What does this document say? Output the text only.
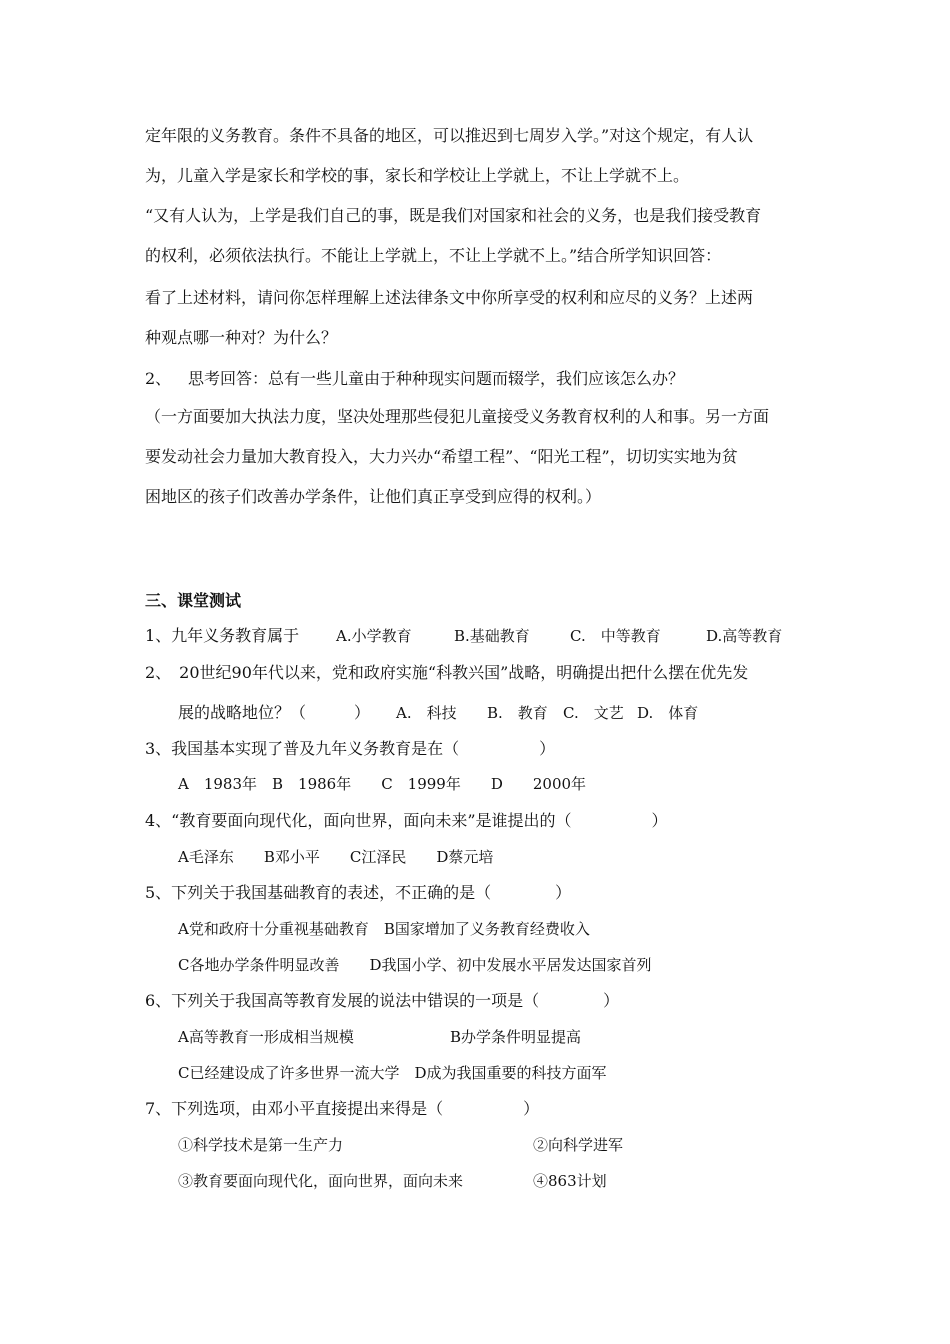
定年限的义务教育。条件不具备的地区，可以推迟到七周岁入学。”对这个规定，有人认
为，儿童入学是家长和学校的事，家长和学校让上学就上，不让上学就不上。
“又有人认为，上学是我们自己的事，既是我们对国家和社会的义务，也是我们接受教育
的权利，必须依法执行。不能让上学就上，不让上学就不上。”结合所学知识回答：
看了上述材料，请问你怎样理解上述法律条文中你所享受的权利和应尽的义务？上述两
种观点哪一种对？为什么？
2、 思考回答：总有一些儿童由于种种现实问题而辍学，我们应该怎么办？
（一方面要加大执法力度，坚决处理那些侵犯儿童接受义务教育权利的人和事。另一方面
要发动社会力量加大教育投入，大力兴办“希望工程”、“阳光工程”，切切实实地为贫
困地区的孩子们改善办学条件，让他们真正享受到应得的权利。）
三、课堂测试
1、九年义务教育属于 A.小学教育	B.基础教育	C.　中等教育	D.高等教育
2、　20世纪90年代以来，党和政府实施“科教兴国”战略，明确提出把什么摆在优先发
展的战略地位？（　　　） A.　科技 B.　教育 C.　文艺 D.　体育
3、我国基本实现了普及九年义务教育是在（　　　　　）
A　1983年　B　1986年　　C　1999年　　D　　2000年
4、“教育要面向现代化，面向世界，面向未来”是谁提出的（　　　　　）
A毛泽东　　B邓小平　　C江泽民　　D蔡元培
5、下列关于我国基础教育的表述，不正确的是（　　　　）
A党和政府十分重视基础教育　B国家增加了义务教育经费收入
C各地办学条件明显改善　　D我国小学、初中发展水平居发达国家首列
6、下列关于我国高等教育发展的说法中错误的一项是（　　　　）
A高等教育一形成相当规模	B办学条件明显提高
C已经建设成了许多世界一流大学　D成为我国重要的科技方面军
7、下列选项，由邓小平直接提出来得是（　　　　　）
①科学技术是第一生产力	②向科学进军
③教育要面向现代化，面向世界，面向未来	④863计划
